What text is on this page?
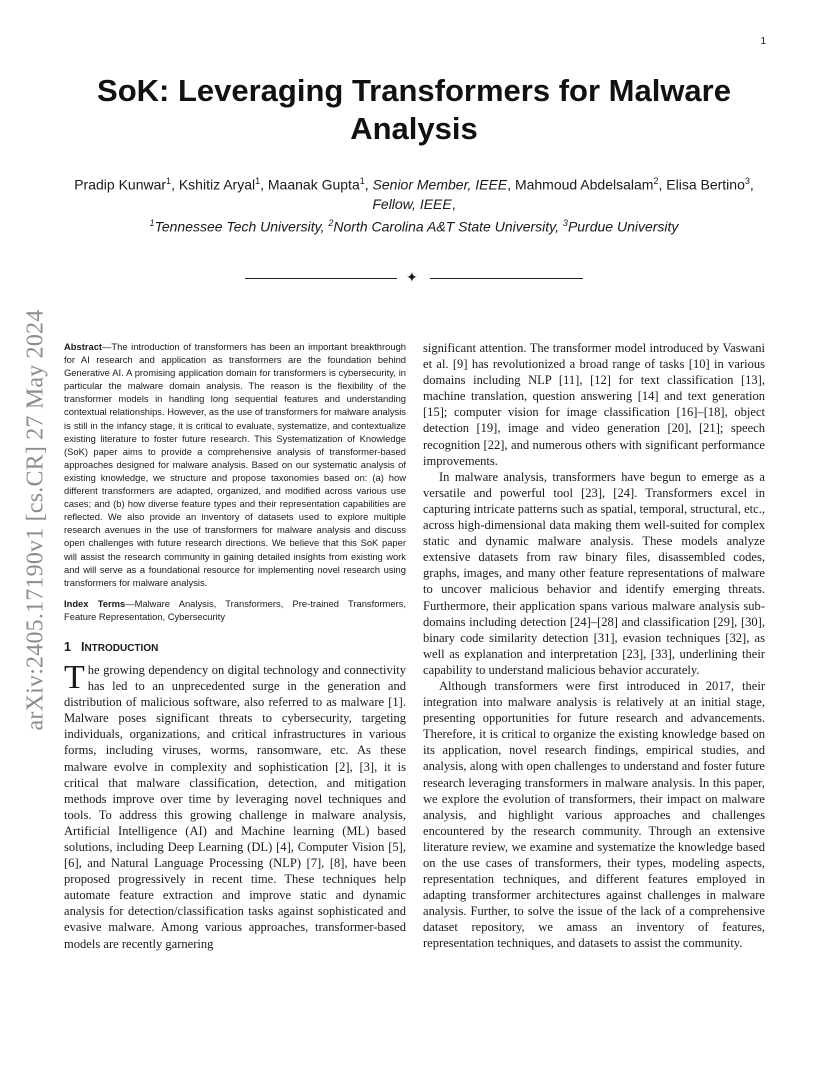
1
arXiv:2405.17190v1 [cs.CR] 27 May 2024
SoK: Leveraging Transformers for Malware Analysis
Pradip Kunwar$^1$, Kshitiz Aryal$^1$, Maanak Gupta$^1$, Senior Member, IEEE, Mahmoud Abdelsalam$^2$, Elisa Bertino$^3$, Fellow, IEEE,
$^1$Tennessee Tech University, $^2$North Carolina A&T State University, $^3$Purdue University
✦

Abstract—The introduction of transformers has been an important breakthrough for AI research and application as transformers are the foundation behind Generative AI. A promising application domain for transformers is cybersecurity, in particular the malware domain analysis. The reason is the flexibility of the transformer models in handling long sequential features and understanding contextual relationships. However, as the use of transformers for malware analysis is still in the infancy stage, it is critical to evaluate, systematize, and contextualize existing literature to foster future research. This Systematization of Knowledge (SoK) paper aims to provide a comprehensive analysis of transformer-based approaches designed for malware analysis. Based on our systematic analysis of existing knowledge, we structure and propose taxonomies based on: (a) how different transformers are adapted, organized, and modified across various use cases; and (b) how diverse feature types and their representation capabilities are reflected. We also provide an inventory of datasets used to explore multiple research avenues in the use of transformers for malware analysis and discuss open challenges with future research directions. We believe that this SoK paper will assist the research community in gaining detailed insights from existing work and will serve as a foundational resource for implementing novel research using transformers for malware analysis.

Index Terms—Malware Analysis, Transformers, Pre-trained Transformers, Feature Representation, Cybersecurity

1 INTRODUCTION

The growing dependency on digital technology and connectivity has led to an unprecedented surge in the generation and distribution of malicious software, also referred to as malware [1]. Malware poses significant threats to cybersecurity, targeting individuals, organizations, and critical infrastructures in various forms, including viruses, worms, ransomware, etc. As these malware evolve in complexity and sophistication [2], [3], it is critical that malware classification, detection, and mitigation methods improve over time by leveraging novel techniques and tools. To address this growing challenge in malware analysis, Artificial Intelligence (AI) and Machine learning (ML) based solutions, including Deep Learning (DL) [4], Computer Vision [5], [6], and Natural Language Processing (NLP) [7], [8], have been proposed progressively in recent time. These techniques help automate feature extraction and improve static and dynamic analysis for detection/classification tasks against sophisticated and evasive malware. Among various approaches, transformer-based models are recently garnering

significant attention. The transformer model introduced by Vaswani et al. [9] has revolutionized a broad range of tasks [10] in various domains including NLP [11], [12] for text classification [13], machine translation, question answering [14] and text generation [15]; computer vision for image classification [16]–[18], object detection [19], image and video generation [20], [21]; speech recognition [22], and numerous others with significant performance improvements.

In malware analysis, transformers have begun to emerge as a versatile and powerful tool [23], [24]. Transformers excel in capturing intricate patterns such as spatial, temporal, structural, etc., across high-dimensional data making them well-suited for complex static and dynamic malware analysis. These models analyze extensive datasets from raw binary files, disassembled codes, graphs, images, and many other feature representations of malware to uncover malicious behavior and identify emerging threats. Furthermore, their application spans various malware analysis sub-domains including detection [24]–[28] and classification [29], [30], binary code similarity detection [31], evasion techniques [32], as well as explanation and interpretation [23], [33], underlining their capability to understand malicious behavior accurately.

Although transformers were first introduced in 2017, their integration into malware analysis is relatively at an initial stage, presenting opportunities for future research and advancements. Therefore, it is critical to organize the existing knowledge based on its application, novel research findings, empirical studies, and analysis, along with open challenges to understand and foster future research leveraging transformers in malware analysis. In this paper, we explore the evolution of transformers, their impact on malware analysis, and highlight various approaches and challenges encountered by the research community. Through an extensive literature review, we examine and systematize the knowledge based on the use cases of transformers, their types, modeling aspects, representation techniques, and different features employed in adapting transformer architectures against challenges in malware analysis. Further, to solve the issue of the lack of a comprehensive dataset repository, we amass an inventory of features, representation techniques, and datasets to assist the community.
